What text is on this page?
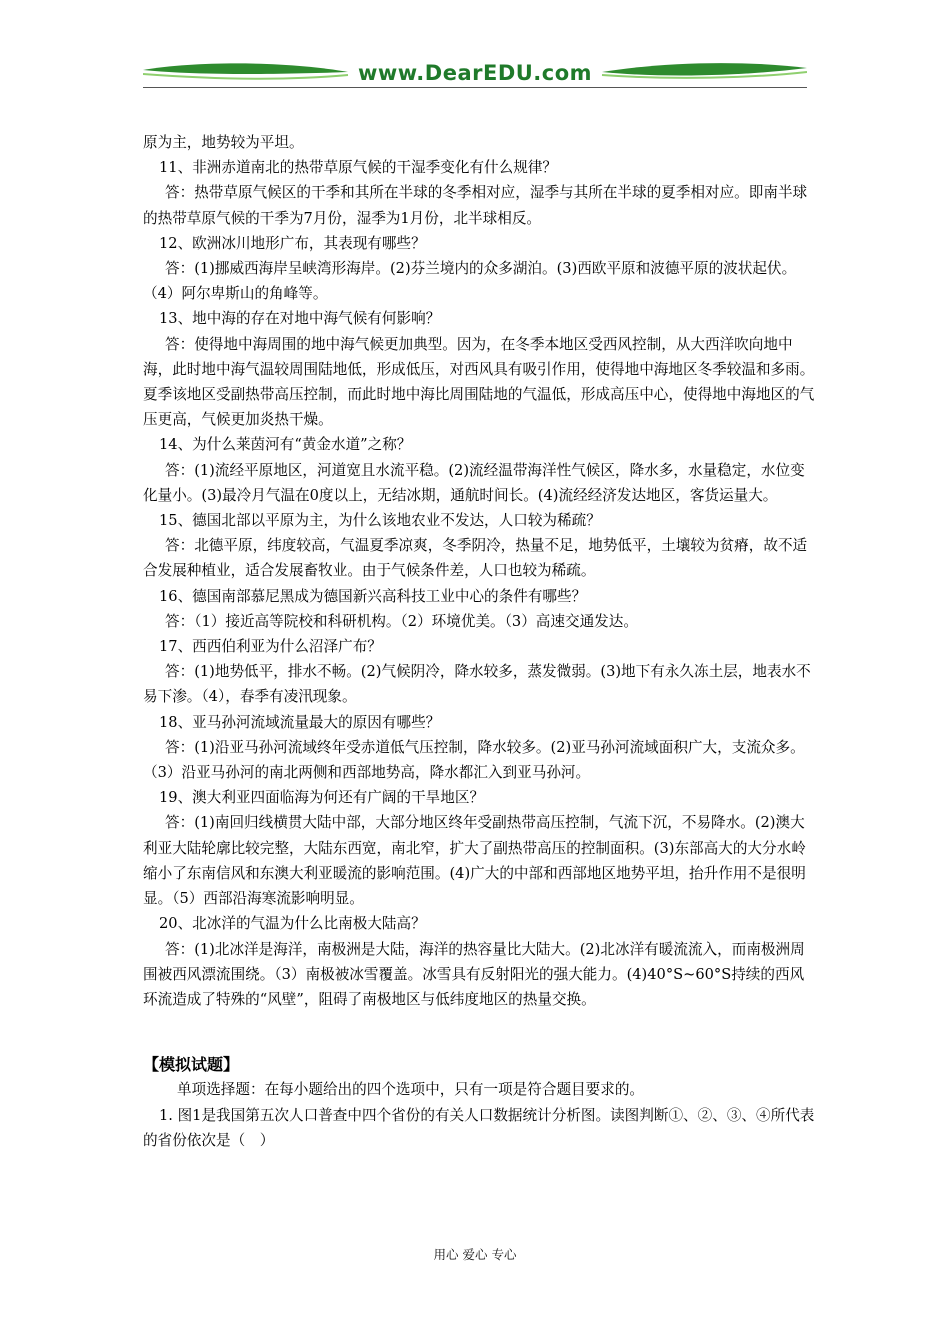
www.DearEDU.com

原为主，地势较为平坦。

11、非洲赤道南北的热带草原气候的干湿季变化有什么规律？

答：热带草原气候区的干季和其所在半球的冬季相对应，湿季与其所在半球的夏季相对应。即南半球的热带草原气候的干季为7月份，湿季为1月份，北半球相反。

12、欧洲冰川地形广布，其表现有哪些？

答：(1)挪威西海岸呈峡湾形海岸。(2)芬兰境内的众多湖泊。(3)西欧平原和波德平原的波状起伏。（4）阿尔卑斯山的角峰等。

13、地中海的存在对地中海气候有何影响？

答：使得地中海周围的地中海气候更加典型。因为，在冬季本地区受西风控制，从大西洋吹向地中海，此时地中海气温较周围陆地低，形成低压，对西风具有吸引作用，使得地中海地区冬季较温和多雨。夏季该地区受副热带高压控制，而此时地中海比周围陆地的气温低，形成高压中心，使得地中海地区的气压更高，气候更加炎热干燥。

14、为什么莱茵河有“黄金水道”之称？

答：(1)流经平原地区，河道宽且水流平稳。(2)流经温带海洋性气候区，降水多，水量稳定，水位变化量小。(3)最冷月气温在0度以上，无结冰期，通航时间长。(4)流经经济发达地区，客货运量大。

15、德国北部以平原为主，为什么该地农业不发达，人口较为稀疏？

答：北德平原，纬度较高，气温夏季凉爽，冬季阴冷，热量不足，地势低平，土壤较为贫瘠，故不适合发展种植业，适合发展畜牧业。由于气候条件差，人口也较为稀疏。

16、德国南部慕尼黑成为德国新兴高科技工业中心的条件有哪些？

答：（1）接近高等院校和科研机构。（2）环境优美。（3）高速交通发达。

17、西西伯利亚为什么沼泽广布？

答：(1)地势低平，排水不畅。(2)气候阴冷，降水较多，蒸发微弱。(3)地下有永久冻土层，地表水不易下渗。（4），春季有凌汛现象。

18、亚马孙河流域流量最大的原因有哪些？

答：(1)沿亚马孙河流域终年受赤道低气压控制，降水较多。(2)亚马孙河流域面积广大，支流众多。（3）沿亚马孙河的南北两侧和西部地势高，降水都汇入到亚马孙河。

19、澳大利亚四面临海为何还有广阔的干旱地区？

答：(1)南回归线横贯大陆中部，大部分地区终年受副热带高压控制，气流下沉，不易降水。(2)澳大利亚大陆轮廓比较完整，大陆东西宽，南北窄，扩大了副热带高压的控制面积。(3)东部高大的大分水岭缩小了东南信风和东澳大利亚暖流的影响范围。(4)广大的中部和西部地区地势平坦，抬升作用不是很明显。（5）西部沿海寒流影响明显。

20、北冰洋的气温为什么比南极大陆高？

答：(1)北冰洋是海洋，南极洲是大陆，海洋的热容量比大陆大。(2)北冰洋有暖流流入，而南极洲周围被西风漂流围绕。（3）南极被冰雪覆盖。冰雪具有反射阳光的强大能力。(4)40°S~60°S持续的西风环流造成了特殊的“风壁”，阻碍了南极地区与低纬度地区的热量交换。

【模拟试题】

单项选择题：在每小题给出的四个选项中，只有一项是符合题目要求的。

1. 图1是我国第五次人口普查中四个省份的有关人口数据统计分析图。读图判断①、②、③、④所代表的省份依次是（　）

用心 爱心 专心
